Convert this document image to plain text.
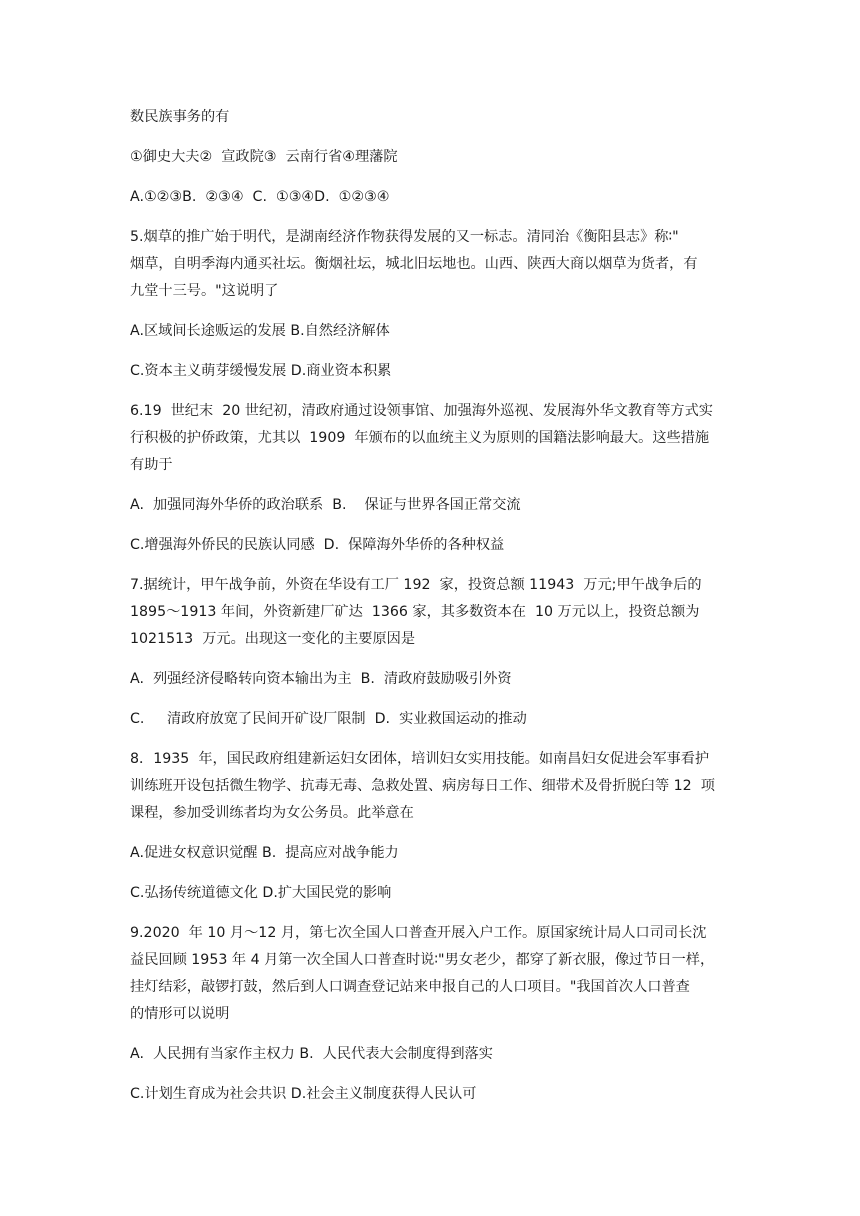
数民族事务的有
①御史大夫②  宣政院③  云南行省④理藩院
A.①②③B.  ②③④  C.  ①③④D.  ①②③④
5.烟草的推广始于明代，是湖南经济作物获得发展的又一标志。清同治《衡阳县志》称∶"
烟草，自明季海内通买社坛。衡烟社坛，城北旧坛地也。山西、陕西大商以烟草为货者，有
九堂十三号。"这说明了
A.区域间长途贩运的发展 B.自然经济解体
C.资本主义萌芽缓慢发展 D.商业资本积累
6.19  世纪末  20 世纪初，清政府通过设领事馆、加强海外巡视、发展海外华文教育等方式实
行积极的护侨政策，尤其以  1909  年颁布的以血统主义为原则的国籍法影响最大。这些措施
有助于
A.  加强同海外华侨的政治联系  B.    保证与世界各国正常交流
C.增强海外侨民的民族认同感  D.  保障海外华侨的各种权益
7.据统计，甲午战争前，外资在华设有工厂 192  家，投资总额 11943  万元;甲午战争后的
1895～1913 年间，外资新建厂矿达  1366 家，其多数资本在  10 万元以上，投资总额为
1021513  万元。出现这一变化的主要原因是
A.  列强经济侵略转向资本输出为主  B.  清政府鼓励吸引外资
C.     清政府放宽了民间开矿设厂限制  D.  实业救国运动的推动
8．1935  年，国民政府组建新运妇女团体，培训妇女实用技能。如南昌妇女促进会军事看护
训练班开设包括微生物学、抗毒无毒、急救处置、病房每日工作、细带术及骨折脱臼等 12  项
课程，参加受训练者均为女公务员。此举意在
A.促进女权意识觉醒 B.  提高应对战争能力
C.弘扬传统道德文化 D.扩大国民党的影响
9.2020  年 10 月～12 月，第七次全国人口普查开展入户工作。原国家统计局人口司司长沈
益民回顾 1953 年 4 月第一次全国人口普查时说∶"男女老少，都穿了新衣服，像过节日一样，
挂灯结彩，敲锣打鼓，然后到人口调查登记站来申报自己的人口项目。"我国首次人口普查
的情形可以说明
A.  人民拥有当家作主权力 B.  人民代表大会制度得到落实
C.计划生育成为社会共识 D.社会主义制度获得人民认可
